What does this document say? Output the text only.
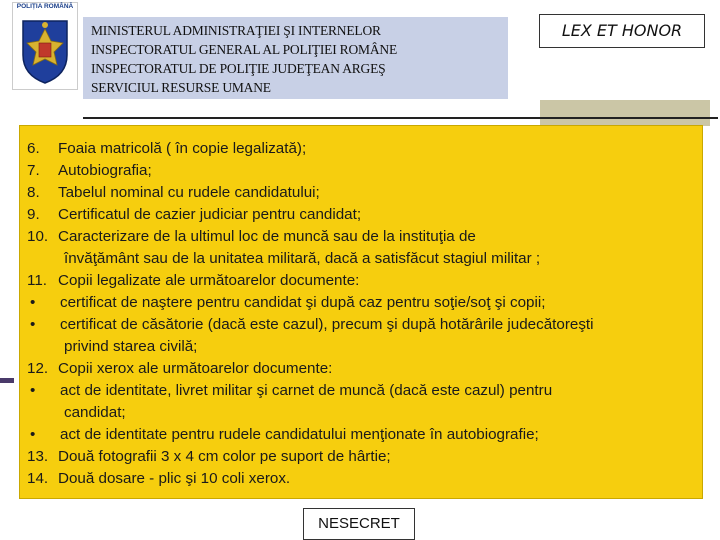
POLIȚIA ROMÂNĂ
MINISTERUL ADMINISTRAŢIEI ŞI INTERNELOR
INSPECTORATUL GENERAL AL POLIŢIEI ROMÂNE
INSPECTORATUL DE POLIŢIE JUDEŢEAN ARGEŞ
SERVICIUL RESURSE UMANE
LEX ET HONOR
6. Foaia matricolă ( în copie legalizată);
7. Autobiografia;
8. Tabelul nominal cu rudele candidatului;
9. Certificatul de cazier judiciar pentru candidat;
10. Caracterizare de la ultimul loc de muncă sau de la instituţia de
învăţământ sau de la unitatea militară, dacă a satisfăcut stagiul militar ;
11. Copii legalizate ale următoarelor documente:
• certificat de naştere pentru candidat şi după caz pentru soţie/soţ şi copii;
• certificat de căsătorie (dacă este cazul), precum şi după hotărârile judecătoreşti
privind starea civilă;
12. Copii xerox ale următoarelor documente:
• act de identitate, livret militar şi carnet de muncă (dacă este cazul) pentru
candidat;
• act de identitate pentru rudele candidatului menţionate în autobiografie;
13. Două fotografii 3 x 4 cm color pe suport de hârtie;
14. Două dosare - plic şi 10 coli xerox.
NESECRET
